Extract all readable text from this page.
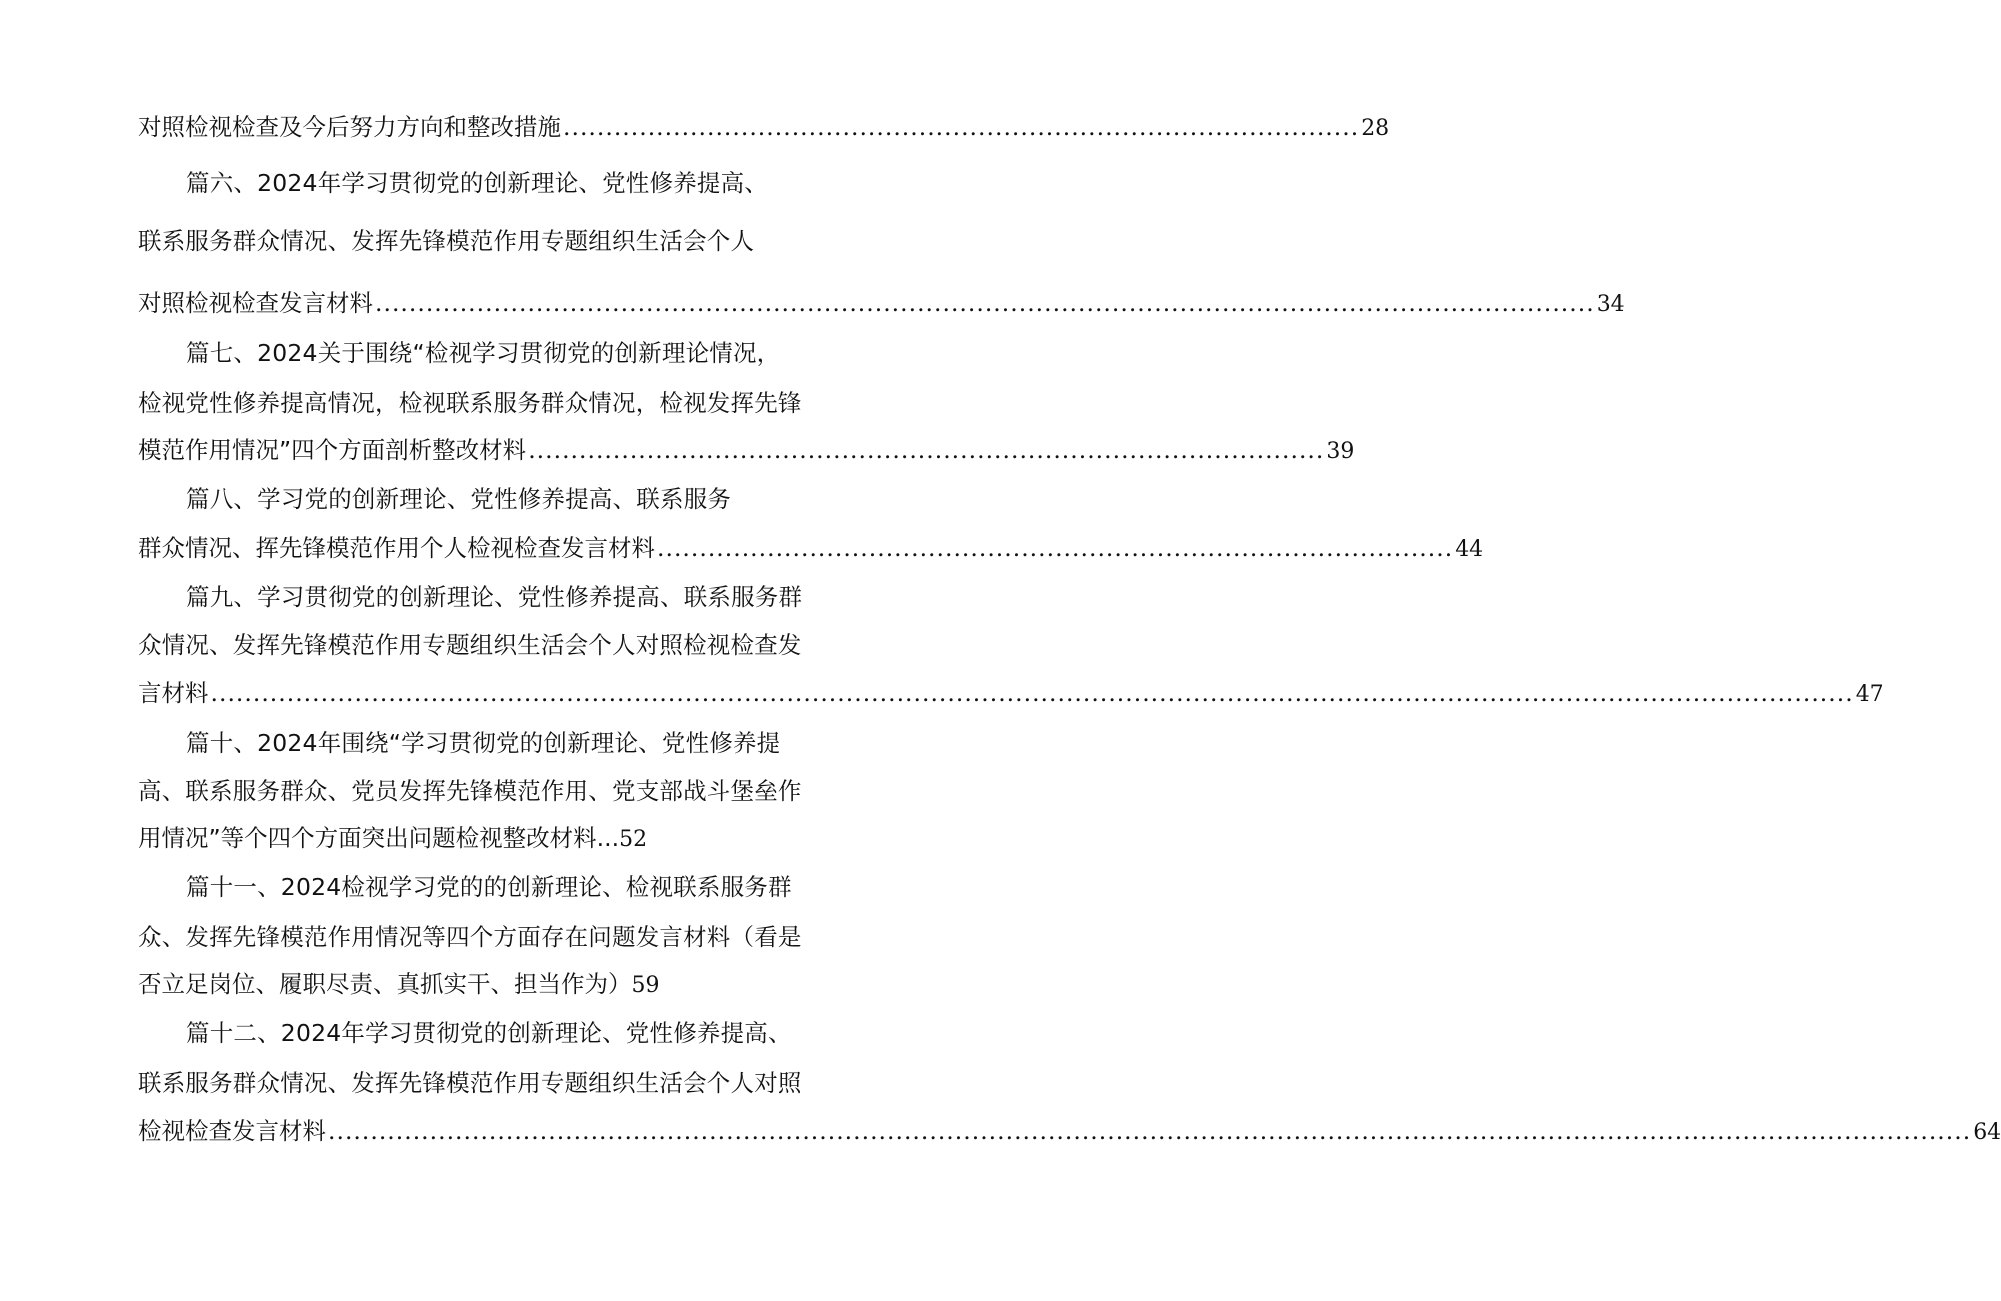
对照检视检查及今后努力方向和整改措施 .............................................................................................. 28
篇六、2024年学习贯彻党的创新理论、党性修养提高、
联系服务群众情况、发挥先锋模范作用专题组织生活会个人
对照检视检查发言材料 ................................................................................................................................................ 34
篇七、2024关于围绕“检视学习贯彻党的创新理论情况，
检视党性修养提高情况，检视联系服务群众情况，检视发挥先锋
模范作用情况”四个方面剖析整改材料 .............................................................................................. 39
篇八、学习党的创新理论、党性修养提高、联系服务
群众情况、挥先锋模范作用个人检视检查发言材料 .............................................................................................. 44
篇九、学习贯彻党的创新理论、党性修养提高、联系服务群
众情况、发挥先锋模范作用专题组织生活会个人对照检视检查发
言材料 .................................................................................................................................................................................................. 47
篇十、2024年围绕“学习贯彻党的创新理论、党性修养提
高、联系服务群众、党员发挥先锋模范作用、党支部战斗堡垒作
用情况”等个四个方面突出问题检视整改材料... 52
篇十一、2024检视学习党的的创新理论、检视联系服务群
众、发挥先锋模范作用情况等四个方面存在问题发言材料（看是
否立足岗位、履职尽责、真抓实干、担当作为） 59
篇十二、2024年学习贯彻党的创新理论、党性修养提高、
联系服务群众情况、发挥先锋模范作用专题组织生活会个人对照
检视检查发言材料 .................................................................................................................................................................................................. 64
